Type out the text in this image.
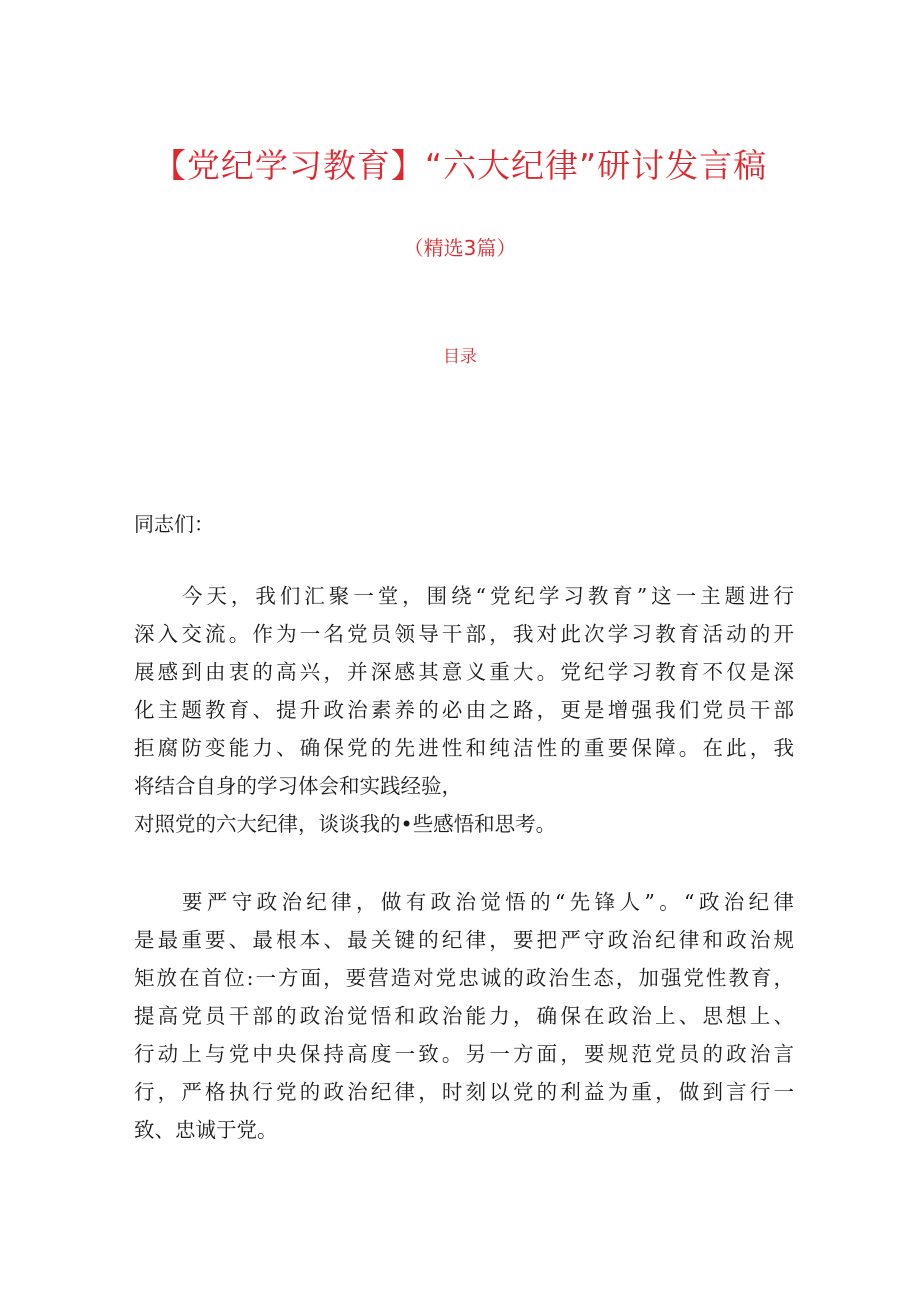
【党纪学习教育】“六大纪律”研讨发言稿
（精选3篇）
目录
同志们：
今天，我们汇聚一堂，围绕“党纪学习教育”这一主题进行
深入交流。作为一名党员领导干部，我对此次学习教育活动的开
展感到由衷的高兴，并深感其意义重大。党纪学习教育不仅是深
化主题教育、提升政治素养的必由之路，更是增强我们党员干部
拒腐防变能力、确保党的先进性和纯洁性的重要保障。在此，我
将结合自身的学习体会和实践经验，
对照党的六大纪律，谈谈我的•些感悟和思考。
要严守政治纪律，做有政治觉悟的“先锋人”。“政治纪律
是最重要、最根本、最关键的纪律，要把严守政治纪律和政治规
矩放在首位:一方面，要营造对党忠诚的政治生态，加强党性教育，
提高党员干部的政治觉悟和政治能力，确保在政治上、思想上、
行动上与党中央保持高度一致。另一方面，要规范党员的政治言
行，严格执行党的政治纪律，时刻以党的利益为重，做到言行一
致、忠诚于党。
